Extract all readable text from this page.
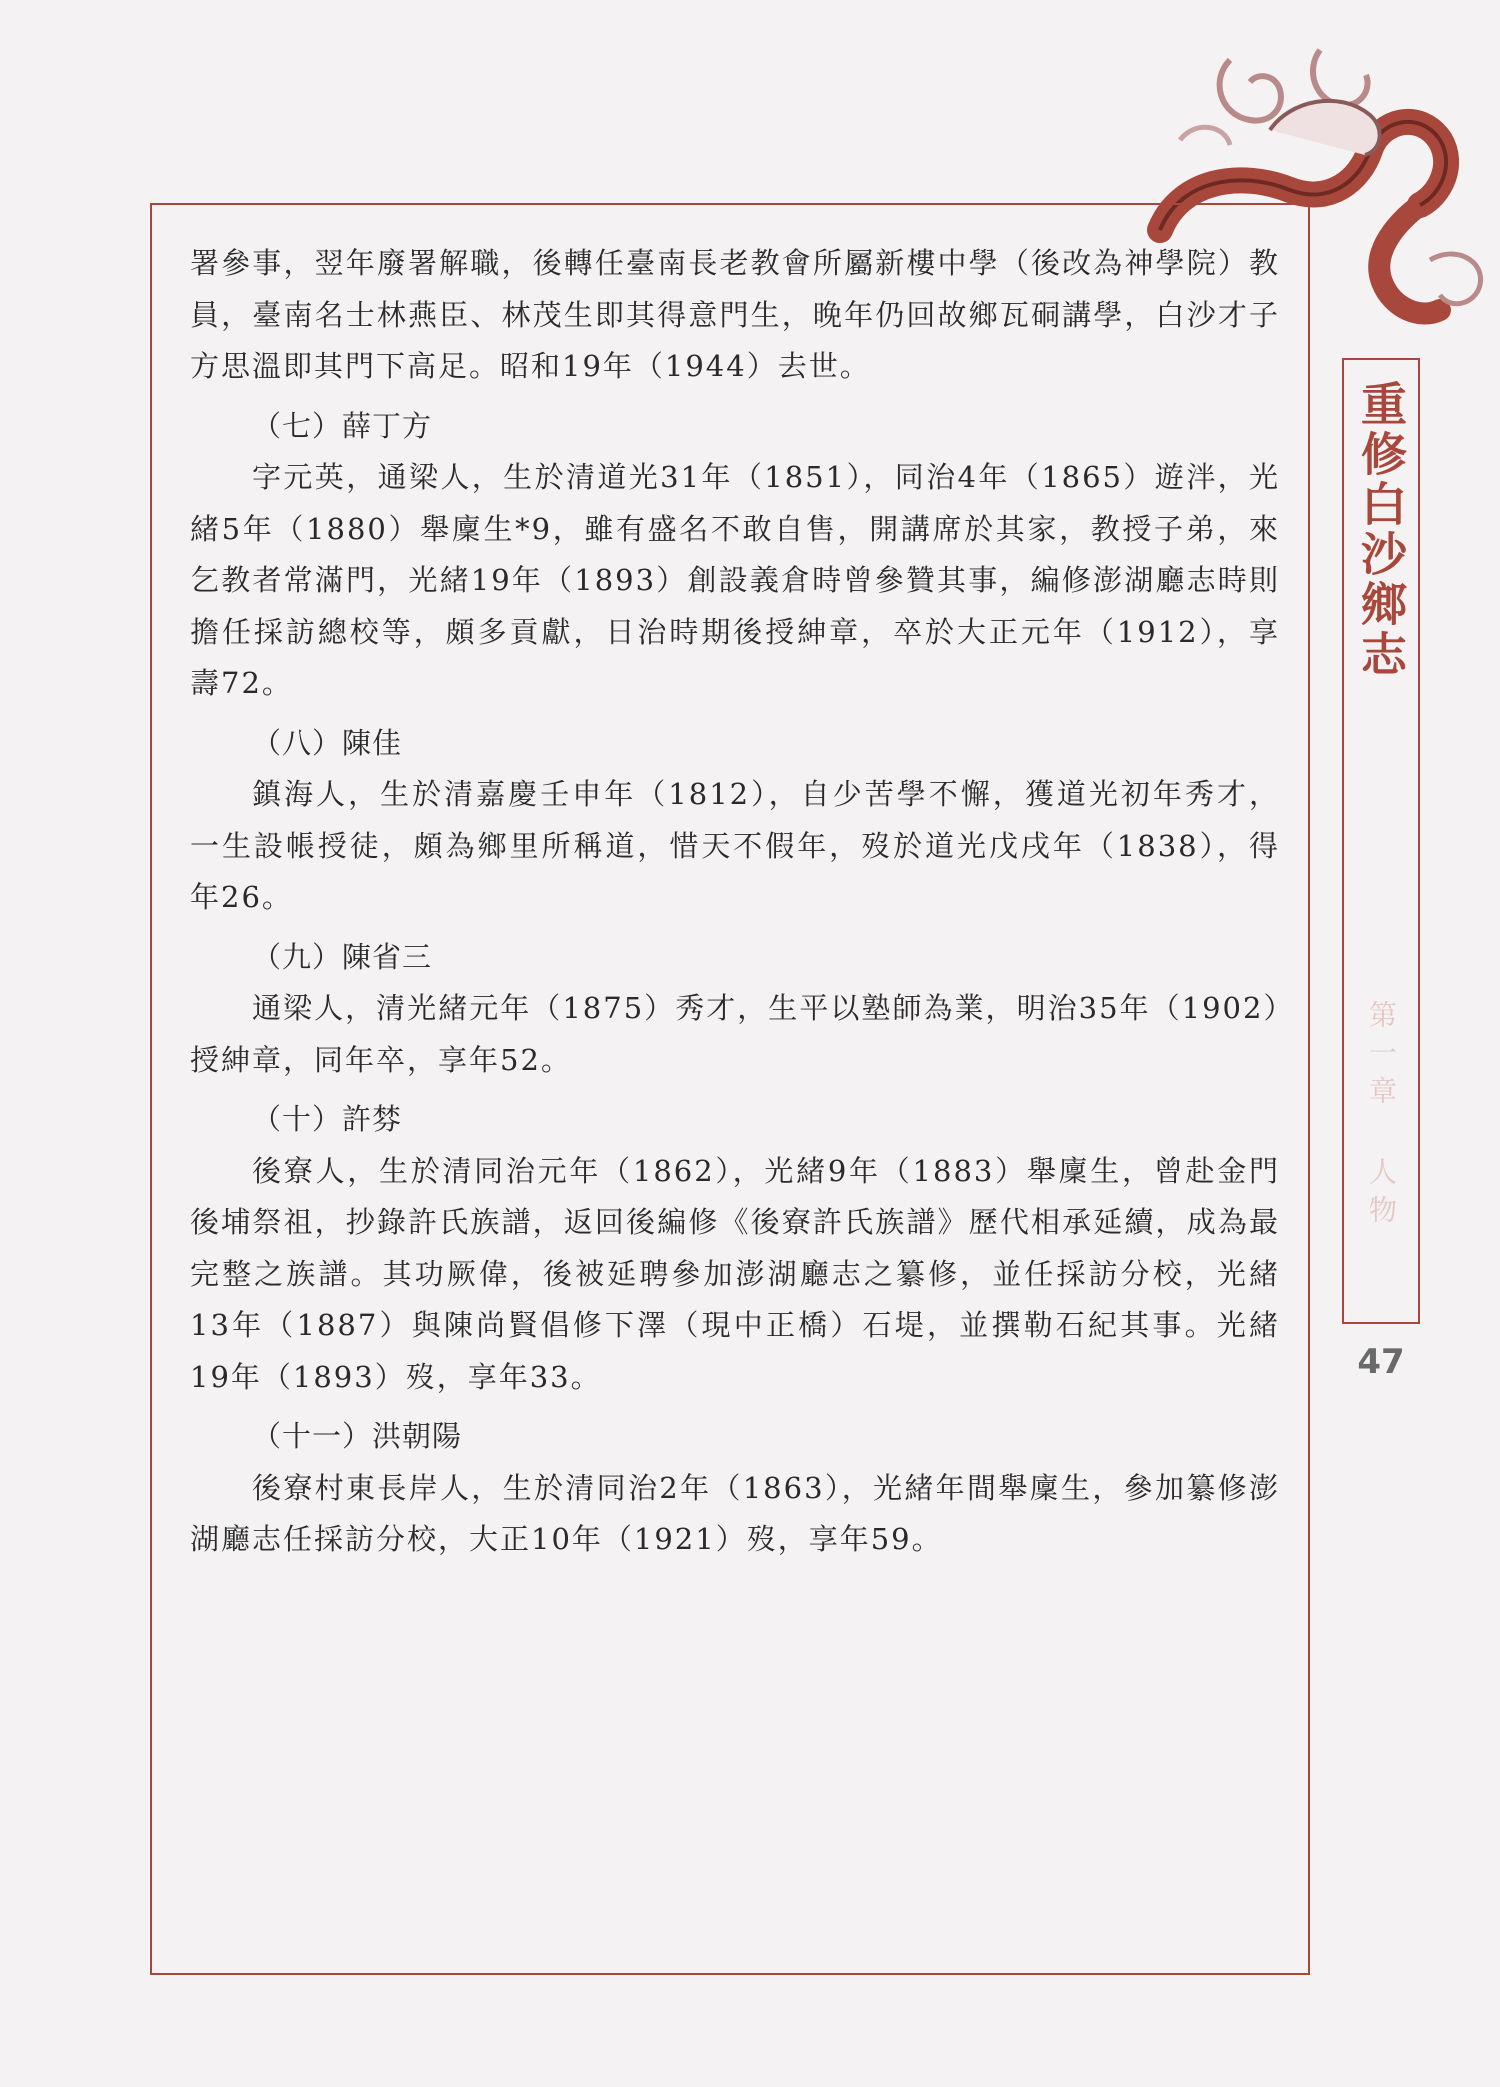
重修白沙鄉志
第一章 人物
47

署參事，翌年廢署解職，後轉任臺南長老教會所屬新樓中學（後改為神學院）教員，臺南名士林燕臣、林茂生即其得意門生，晚年仍回故鄉瓦硐講學，白沙才子方思溫即其門下高足。昭和19年（1944）去世。

（七）薛丁方

字元英，通梁人，生於清道光31年（1851），同治4年（1865）遊泮，光緒5年（1880）舉廩生*9，雖有盛名不敢自售，開講席於其家，教授子弟，來乞教者常滿門，光緒19年（1893）創設義倉時曾參贊其事，編修澎湖廳志時則擔任採訪總校等，頗多貢獻，日治時期後授紳章，卒於大正元年（1912），享壽72。

（八）陳佳

鎮海人，生於清嘉慶壬申年（1812），自少苦學不懈，獲道光初年秀才，一生設帳授徒，頗為鄉里所稱道，惜天不假年，歿於道光戊戌年（1838），得年26。

（九）陳省三

通梁人，清光緒元年（1875）秀才，生平以塾師為業，明治35年（1902）授紳章，同年卒，享年52。

（十）許棼

後寮人，生於清同治元年（1862），光緒9年（1883）舉廩生，曾赴金門後埔祭祖，抄錄許氏族譜，返回後編修《後寮許氏族譜》歷代相承延續，成為最完整之族譜。其功厥偉，後被延聘參加澎湖廳志之纂修，並任採訪分校，光緒13年（1887）與陳尚賢倡修下澤（現中正橋）石堤，並撰勒石紀其事。光緒19年（1893）歿，享年33。

（十一）洪朝陽

後寮村東長岸人，生於清同治2年（1863），光緒年間舉廩生，參加纂修澎湖廳志任採訪分校，大正10年（1921）歿，享年59。
